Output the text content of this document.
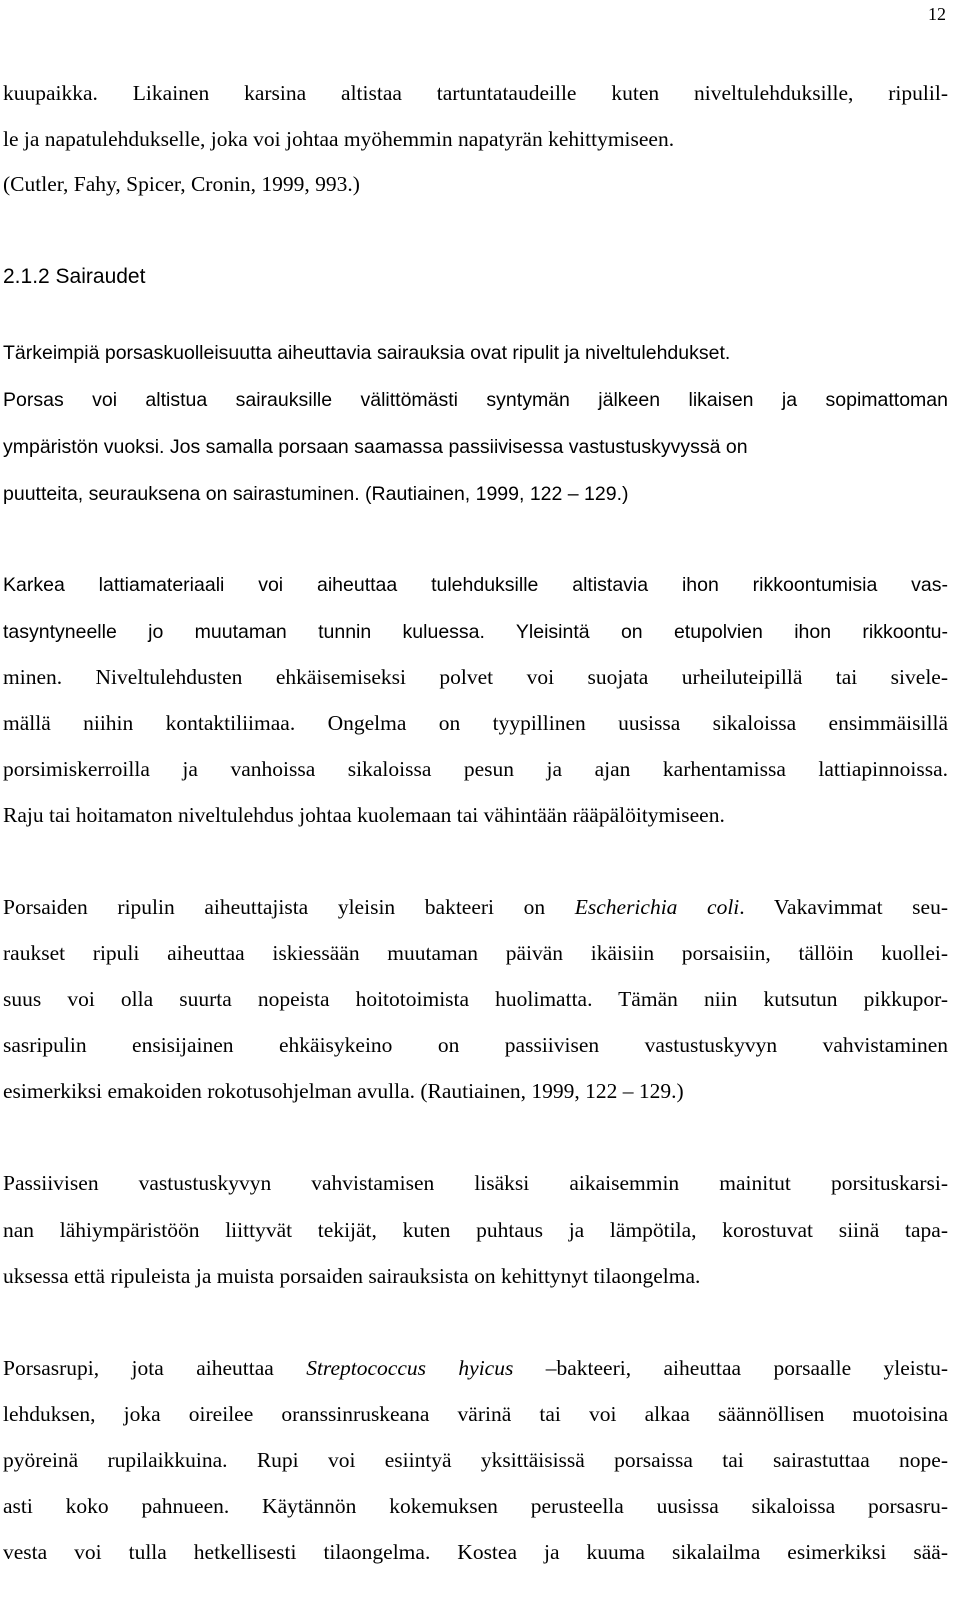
12
kuupaikka. Likainen karsina altistaa tartuntataudeille kuten niveltulehduksille, ripulil-
le ja napatulehdukselle, joka voi johtaa myöhemmin napatyrän kehittymiseen.
(Cutler, Fahy, Spicer, Cronin, 1999, 993.)
2.1.2 Sairaudet
Tärkeimpiä porsaskuolleisuutta aiheuttavia sairauksia ovat ripulit ja niveltulehdukset.
Porsas voi altistua sairauksille välittömästi syntymän jälkeen likaisen ja sopimattoman
ympäristön vuoksi. Jos samalla porsaan saamassa passiivisessa vastustuskyvyssä on
puutteita, seurauksena on sairastuminen. (Rautiainen, 1999, 122 – 129.)
Karkea lattiamateriaali voi aiheuttaa tulehduksille altistavia ihon rikkoontumisia vas-
tasyntyneelle jo muutaman tunnin kuluessa. Yleisintä on etupolvien ihon rikkoontu-
minen. Niveltulehdusten ehkäisemiseksi polvet voi suojata urheiluteipillä tai sivele-
mällä niihin kontaktiliimaa. Ongelma on tyypillinen uusissa sikaloissa ensimmäisillä
porsimiskerroilla ja vanhoissa sikaloissa pesun ja ajan karhentamissa lattiapinnoissa.
Raju tai hoitamaton niveltulehdus johtaa kuolemaan tai vähintään rääpälöitymiseen.
Porsaiden ripulin aiheuttajista yleisin bakteeri on Escherichia coli. Vakavimmat seu-
raukset ripuli aiheuttaa iskiessään muutaman päivän ikäisiin porsaisiin, tällöin kuollei-
suus voi olla suurta nopeista hoitotoimista huolimatta. Tämän niin kutsutun pikkupor-
sasripulin ensisijainen ehkäisykeino on passiivisen vastustuskyvyn vahvistaminen
esimerkiksi emakoiden rokotusohjelman avulla. (Rautiainen, 1999, 122 – 129.)
Passiivisen vastustuskyvyn vahvistamisen lisäksi aikaisemmin mainitut porsituskarsi-
nan lähiympäristöön liittyvät tekijät, kuten puhtaus ja lämpötila, korostuvat siinä tapa-
uksessa että ripuleista ja muista porsaiden sairauksista on kehittynyt tilaongelma.
Porsasrupi, jota aiheuttaa Streptococcus hyicus –bakteeri, aiheuttaa porsaalle yleistu-
lehduksen, joka oireilee oranssinruskeana värinä tai voi alkaa säännöllisen muotoisina
pyöreinä rupilaikkuina. Rupi voi esiintyä yksittäisissä porsaissa tai sairastuttaa nope-
asti koko pahnueen. Käytännön kokemuksen perusteella uusissa sikaloissa porsasru-
vesta voi tulla hetkellisesti tilaongelma. Kostea ja kuuma sikalailma esimerkiksi sää-
